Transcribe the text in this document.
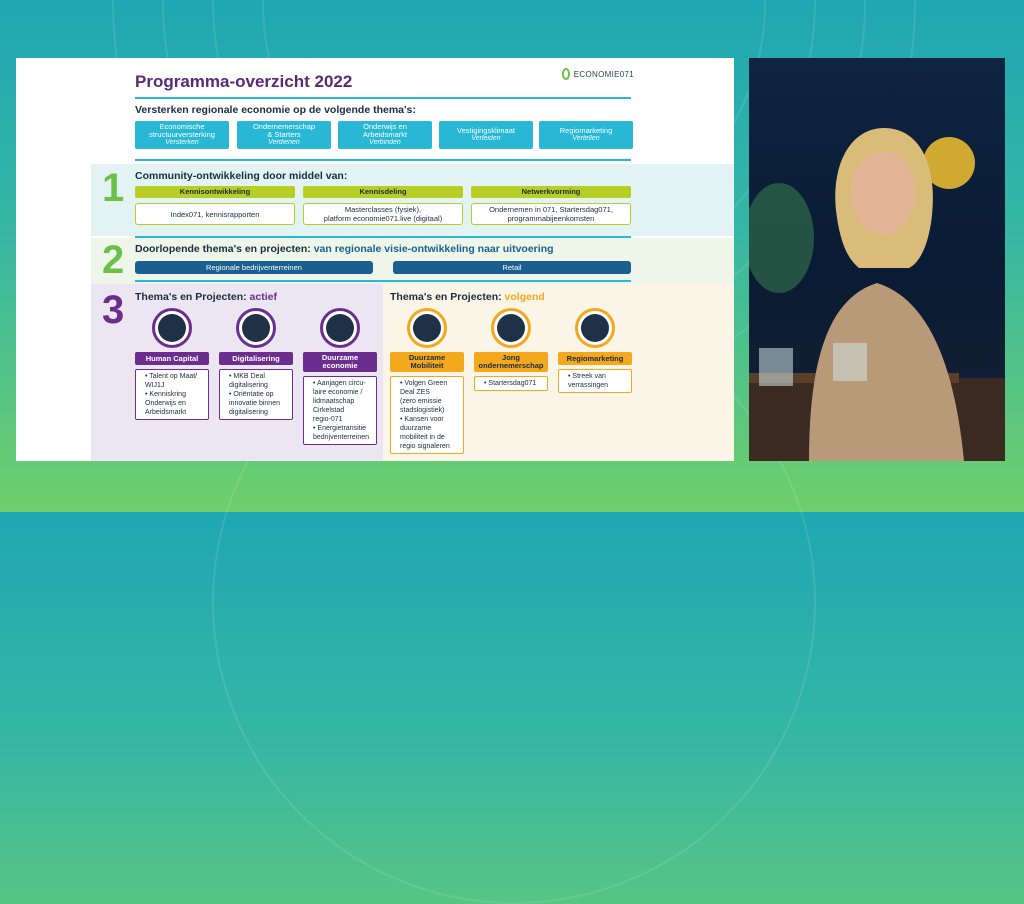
Programma-overzicht 2022	ECONOMIE071
Versterken regionale economie op de volgende thema's:
Economische
structuurversterking
Versterken
Ondernemerschap
& Starters
Verdienen
Onderwijs en
Arbeidsmarkt
Verbinden
Vestigingsklimaat
Verleiden
Regiomarketing
Vertellen
1 Community-ontwikkeling door middel van:
Kennisontwikkeling
Index071, kennisrapporten
Kennisdeling
Masterclasses (fysiek),
platform economie071.live (digitaal)
Netwerkvorming
Ondernemen in 071, Startersdag071,
programmabijeenkomsten
2 Doorlopende thema's en projecten: van regionale visie-ontwikkeling naar uitvoering
Regionale bedrijventerreinen	Retail
3 Thema's en Projecten: actief	Thema's en Projecten: volgend
Human Capital
• Talent op Maat/
WIJ1J
• Kenniskring
Onderwijs en
Arbeidsmarkt
Digitalisering
• MKB Deal
digitalisering
• Oriëntatie op
innovatie binnen
digitalisering
Duurzame
economie
• Aanjagen circu-
laire economie /
lidmaatschap
Cirkelstad
regio-071
• Energietransitie
bedrijventerreinen
Duurzame
Mobiliteit
• Volgen Green
Deal ZES
(zero emissie
stadslogistiek)
• Kansen voor
duurzame
mobiliteit in de
regio signaleren
Jong
ondernemerschap
• Startersdag071
Regiomarketing
• Streek van
verrassingen
